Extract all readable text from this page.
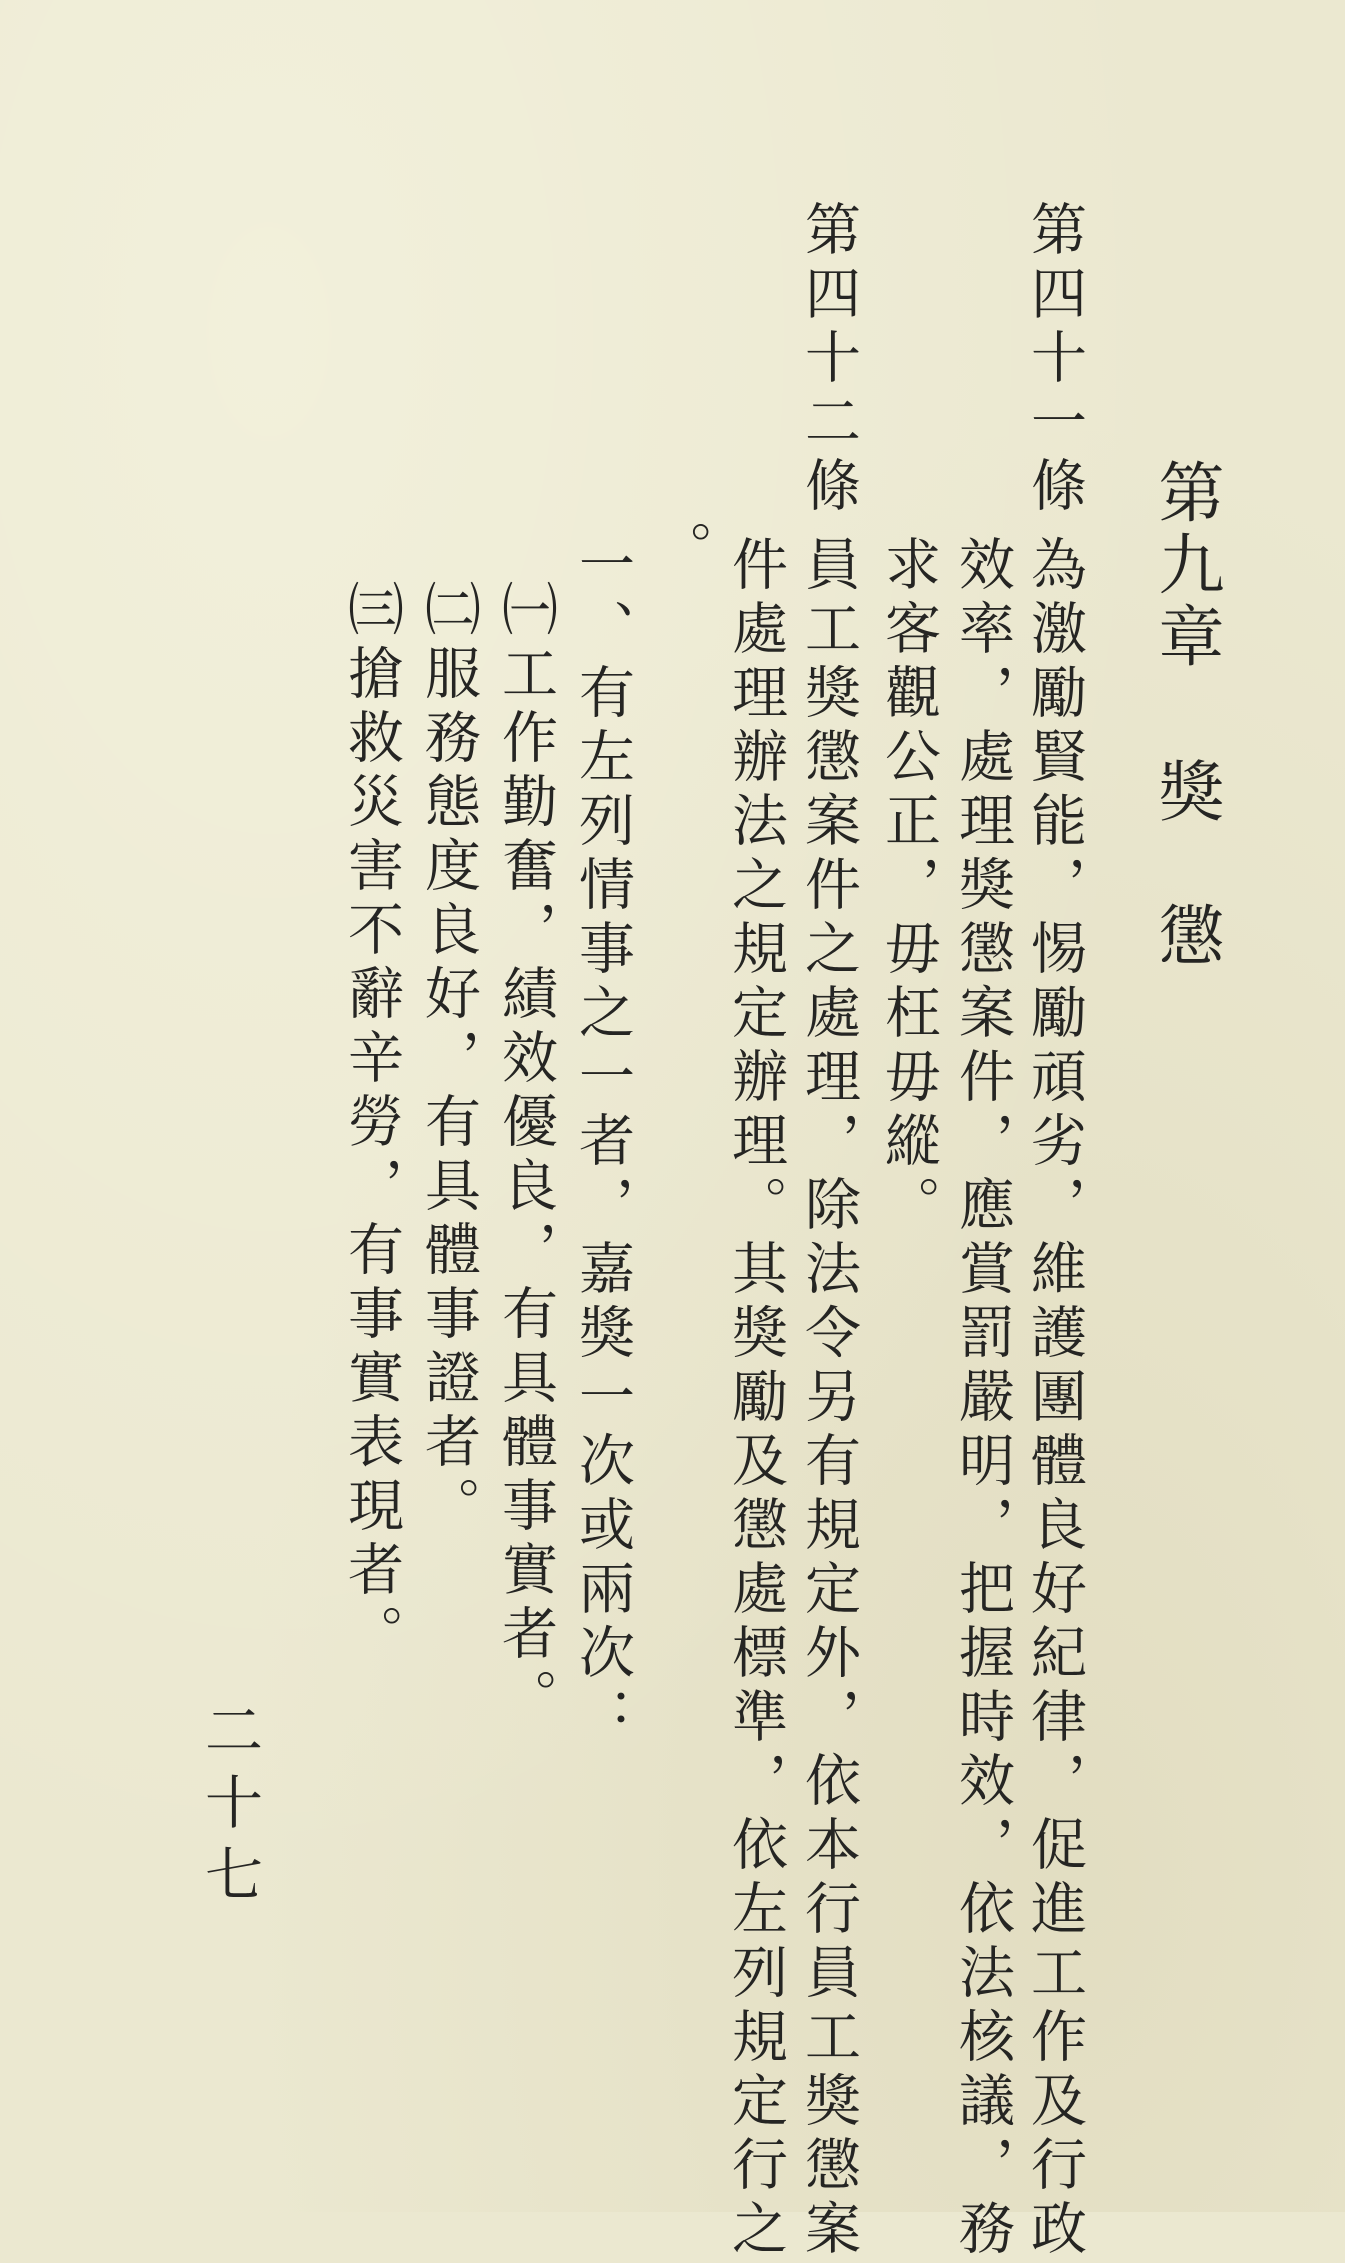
第九章 獎　懲
第四十一條
為激勵賢能，惕勵頑劣，維護團體良好紀律，促進工作及行政
效率，處理獎懲案件，應賞罰嚴明，把握時效，依法核議，務
求客觀公正，毋枉毋縱。
第四十二條
員工獎懲案件之處理，除法令另有規定外，依本行員工獎懲案
件處理辦法之規定辦理。其獎勵及懲處標準，依左列規定行之
。
一、有左列情事之一者，嘉獎一次或兩次：
㈠工作勤奮，績效優良，有具體事實者。
㈡服務態度良好，有具體事證者。
㈢搶救災害不辭辛勞，有事實表現者。
二十七
